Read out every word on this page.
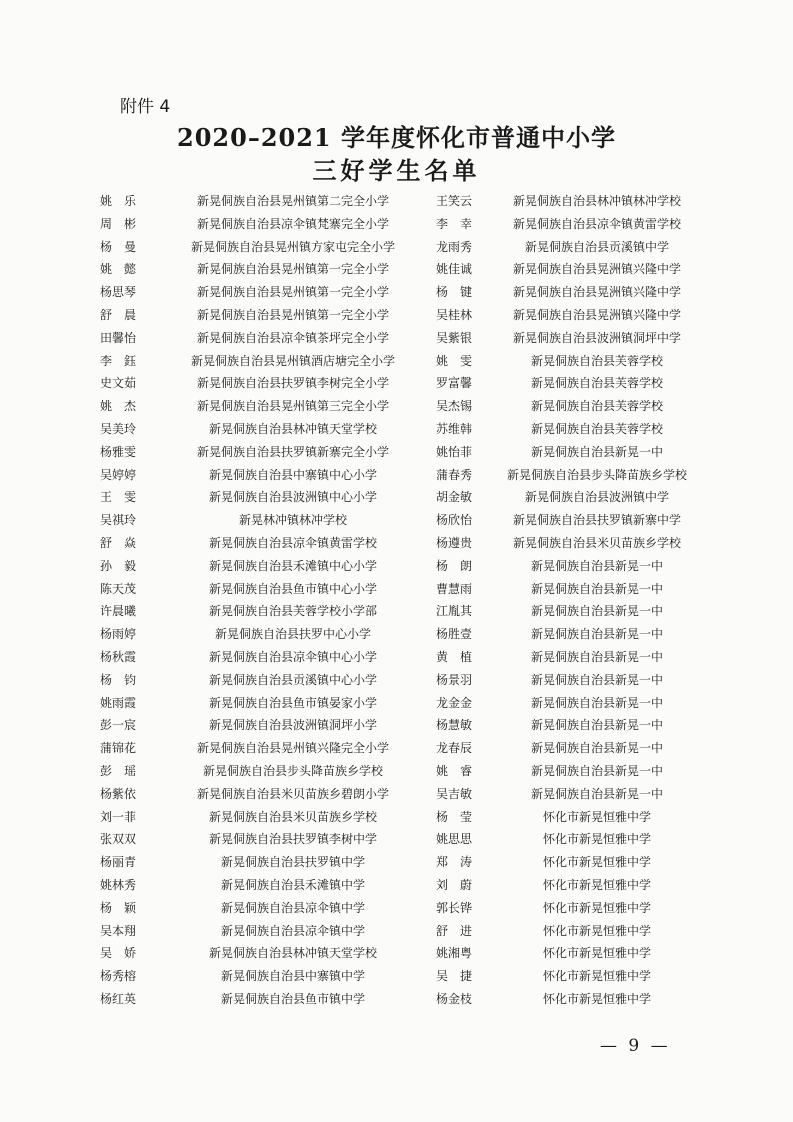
附件 4
2020–2021 学年度怀化市普通中小学
三好学生名单
姚　乐	新晃侗族自治县晃州镇第二完全小学	王笑云	新晃侗族自治县林冲镇林冲学校
周　彬	新晃侗族自治县凉伞镇梵寨完全小学	李　幸	新晃侗族自治县凉伞镇黄雷学校
杨　曼	新晃侗族自治县晃州镇方家屯完全小学	龙雨秀	新晃侗族自治县贡溪镇中学
姚　懿	新晃侗族自治县晃州镇第一完全小学	姚佳诚	新晃侗族自治县晃洲镇兴隆中学
杨思琴	新晃侗族自治县晃州镇第一完全小学	杨　键	新晃侗族自治县晃洲镇兴隆中学
舒　晨	新晃侗族自治县晃州镇第一完全小学	吴桂林	新晃侗族自治县晃洲镇兴隆中学
田馨怡	新晃侗族自治县凉伞镇茶坪完全小学	吴紫银	新晃侗族自治县波洲镇洞坪中学
李　鈺	新晃侗族自治县晃州镇酒店塘完全小学	姚　雯	新晃侗族自治县芙蓉学校
史文茹	新晃侗族自治县扶罗镇李树完全小学	罗富馨	新晃侗族自治县芙蓉学校
姚　杰	新晃侗族自治县晃州镇第三完全小学	吴杰锡	新晃侗族自治县芙蓉学校
吴美玲	新晃侗族自治县林冲镇天堂学校	苏维韩	新晃侗族自治县芙蓉学校
杨雅雯	新晃侗族自治县扶罗镇新寨完全小学	姚怡菲	新晃侗族自治县新晃一中
吴婷婷	新晃侗族自治县中寨镇中心小学	蒲春秀	新晃侗族自治县步头降苗族乡学校
王　雯	新晃侗族自治县波洲镇中心小学	胡金敏	新晃侗族自治县波洲镇中学
吴祺玲	新晃林冲镇林冲学校	杨欣怡	新晃侗族自治县扶罗镇新寨中学
舒　焱	新晃侗族自治县凉伞镇黄雷学校	杨遵贵	新晃侗族自治县米贝苗族乡学校
孙　毅	新晃侗族自治县禾滩镇中心小学	杨　朗	新晃侗族自治县新晃一中
陈天茂	新晃侗族自治县鱼市镇中心小学	曹慧雨	新晃侗族自治县新晃一中
许晨曦	新晃侗族自治县芙蓉学校小学部	江胤其	新晃侗族自治县新晃一中
杨雨婷	新晃侗族自治县扶罗中心小学	杨胜壹	新晃侗族自治县新晃一中
杨秋霞	新晃侗族自治县凉伞镇中心小学	黄　植	新晃侗族自治县新晃一中
杨　钧	新晃侗族自治县贡溪镇中心小学	杨景羽	新晃侗族自治县新晃一中
姚雨霞	新晃侗族自治县鱼市镇晏家小学	龙金金	新晃侗族自治县新晃一中
彭一宸	新晃侗族自治县波洲镇洞坪小学	杨慧敏	新晃侗族自治县新晃一中
蒲锦花	新晃侗族自治县晃州镇兴隆完全小学	龙春辰	新晃侗族自治县新晃一中
彭　瑶	新晃侗族自治县步头降苗族乡学校	姚　睿	新晃侗族自治县新晃一中
杨紫依	新晃侗族自治县米贝苗族乡碧朗小学	吴吉敏	新晃侗族自治县新晃一中
刘一菲	新晃侗族自治县米贝苗族乡学校	杨　莹	怀化市新晃恒雅中学
张双双	新晃侗族自治县扶罗镇李树中学	姚思思	怀化市新晃恒雅中学
杨丽青	新晃侗族自治县扶罗镇中学	郑　涛	怀化市新晃恒雅中学
姚林秀	新晃侗族自治县禾滩镇中学	刘　蔚	怀化市新晃恒雅中学
杨　颖	新晃侗族自治县凉伞镇中学	郭长铧	怀化市新晃恒雅中学
吴本翔	新晃侗族自治县凉伞镇中学	舒　进	怀化市新晃恒雅中学
吴　娇	新晃侗族自治县林冲镇天堂学校	姚湘粤	怀化市新晃恒雅中学
杨秀榕	新晃侗族自治县中寨镇中学	吴　捷	怀化市新晃恒雅中学
杨红英	新晃侗族自治县鱼市镇中学	杨金枝	怀化市新晃恒雅中学
— 9 —
